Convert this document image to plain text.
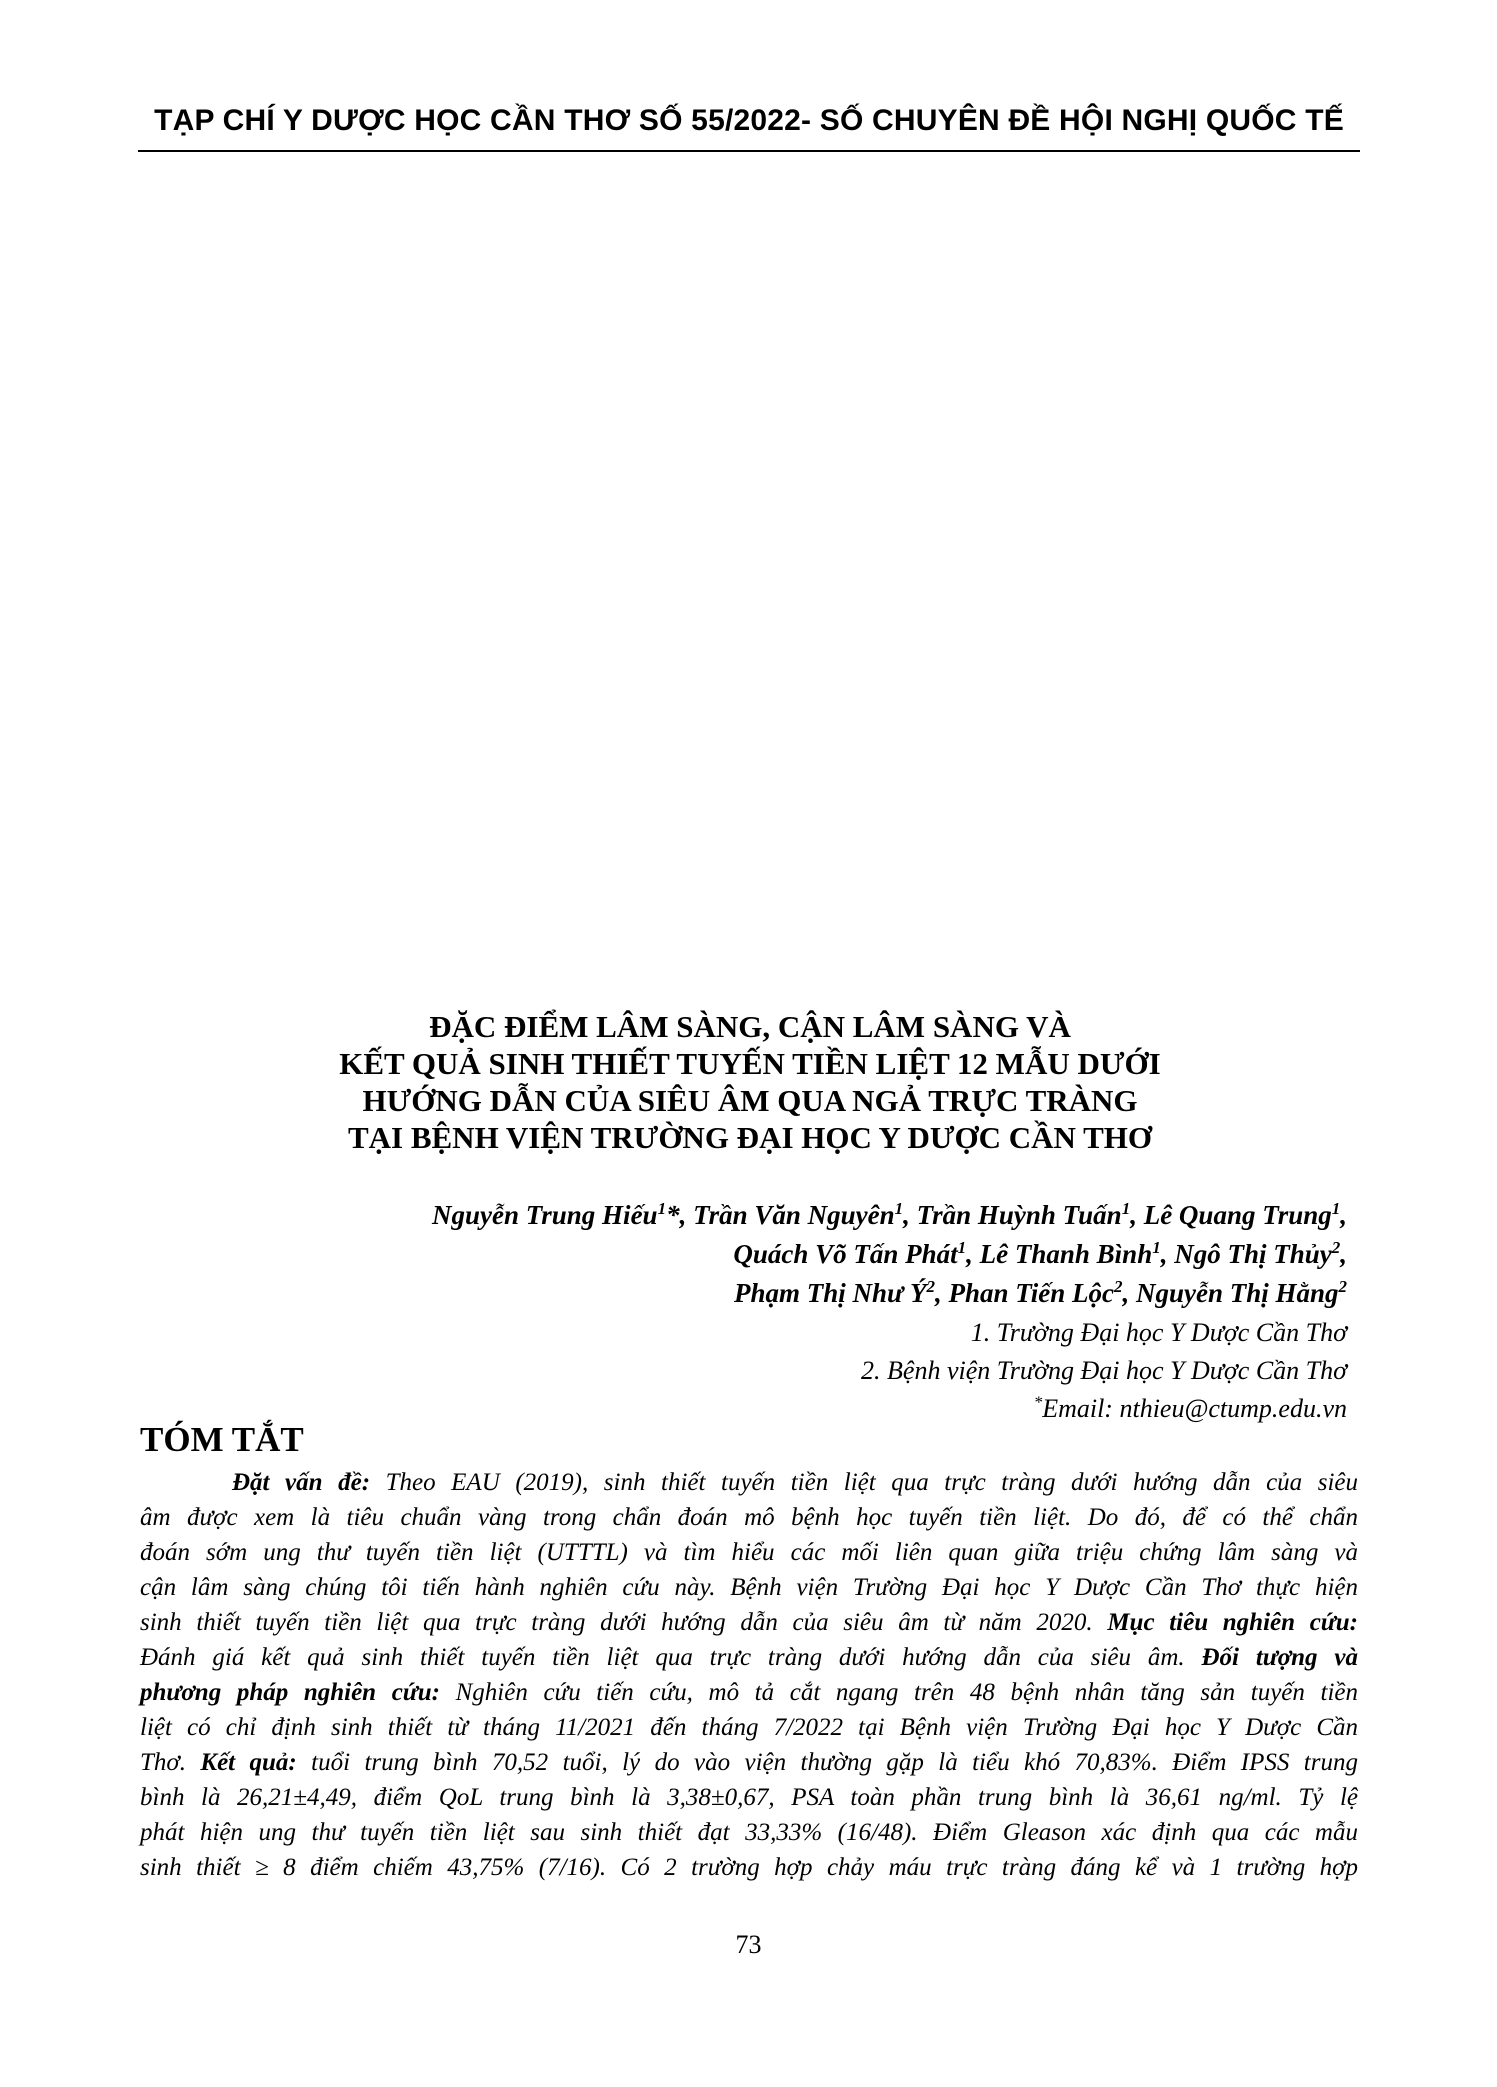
TẠP CHÍ Y DƯỢC HỌC CẦN THƠ SỐ 55/2022- SỐ CHUYÊN ĐỀ HỘI NGHỊ QUỐC TẾ
ĐẶC ĐIỂM LÂM SÀNG, CẬN LÂM SÀNG VÀ
KẾT QUẢ SINH THIẾT TUYẾN TIỀN LIỆT 12 MẪU DƯỚI
HƯỚNG DẪN CỦA SIÊU ÂM QUA NGẢ TRỰC TRÀNG
TẠI BỆNH VIỆN TRƯỜNG ĐẠI HỌC Y DƯỢC CẦN THƠ
Nguyễn Trung Hiếu$^1$*, Trần Văn Nguyên$^1$, Trần Huỳnh Tuấn$^1$, Lê Quang Trung$^1$,
Quách Võ Tấn Phát$^1$, Lê Thanh Bình$^1$, Ngô Thị Thủy$^2$,
Phạm Thị Như $Ý^2$, Phan Tiến Lộc$^2$, Nguyễn Thị Hằng$^2$
1. Trường Đại học Y Dược Cần Thơ
2. Bệnh viện Trường Đại học Y Dược Cần Thơ
*Email: nthieu@ctump.edu.vn
TÓM TẮT
Đặt vấn đề: Theo EAU (2019), sinh thiết tuyến tiền liệt qua trực tràng dưới hướng dẫn của siêu
âm được xem là tiêu chuẩn vàng trong chẩn đoán mô bệnh học tuyến tiền liệt. Do đó, để có thể chẩn
đoán sớm ung thư tuyến tiền liệt (UTTTL) và tìm hiểu các mối liên quan giữa triệu chứng lâm sàng và
cận lâm sàng chúng tôi tiến hành nghiên cứu này. Bệnh viện Trường Đại học Y Dược Cần Thơ thực hiện
sinh thiết tuyến tiền liệt qua trực tràng dưới hướng dẫn của siêu âm từ năm 2020. Mục tiêu nghiên cứu:
Đánh giá kết quả sinh thiết tuyến tiền liệt qua trực tràng dưới hướng dẫn của siêu âm. Đối tượng và
phương pháp nghiên cứu: Nghiên cứu tiến cứu, mô tả cắt ngang trên 48 bệnh nhân tăng sản tuyến tiền
liệt có chỉ định sinh thiết từ tháng 11/2021 đến tháng 7/2022 tại Bệnh viện Trường Đại học Y Dược Cần
Thơ. Kết quả: tuổi trung bình 70,52 tuổi, lý do vào viện thường gặp là tiểu khó 70,83%. Điểm IPSS trung
bình là 26,21±4,49, điểm QoL trung bình là 3,38±0,67, PSA toàn phần trung bình là 36,61 ng/ml. Tỷ lệ
phát hiện ung thư tuyến tiền liệt sau sinh thiết đạt 33,33% (16/48). Điểm Gleason xác định qua các mẫu
sinh thiết ≥ 8 điểm chiếm 43,75% (7/16). Có 2 trường hợp chảy máu trực tràng đáng kể và 1 trường hợp
73
